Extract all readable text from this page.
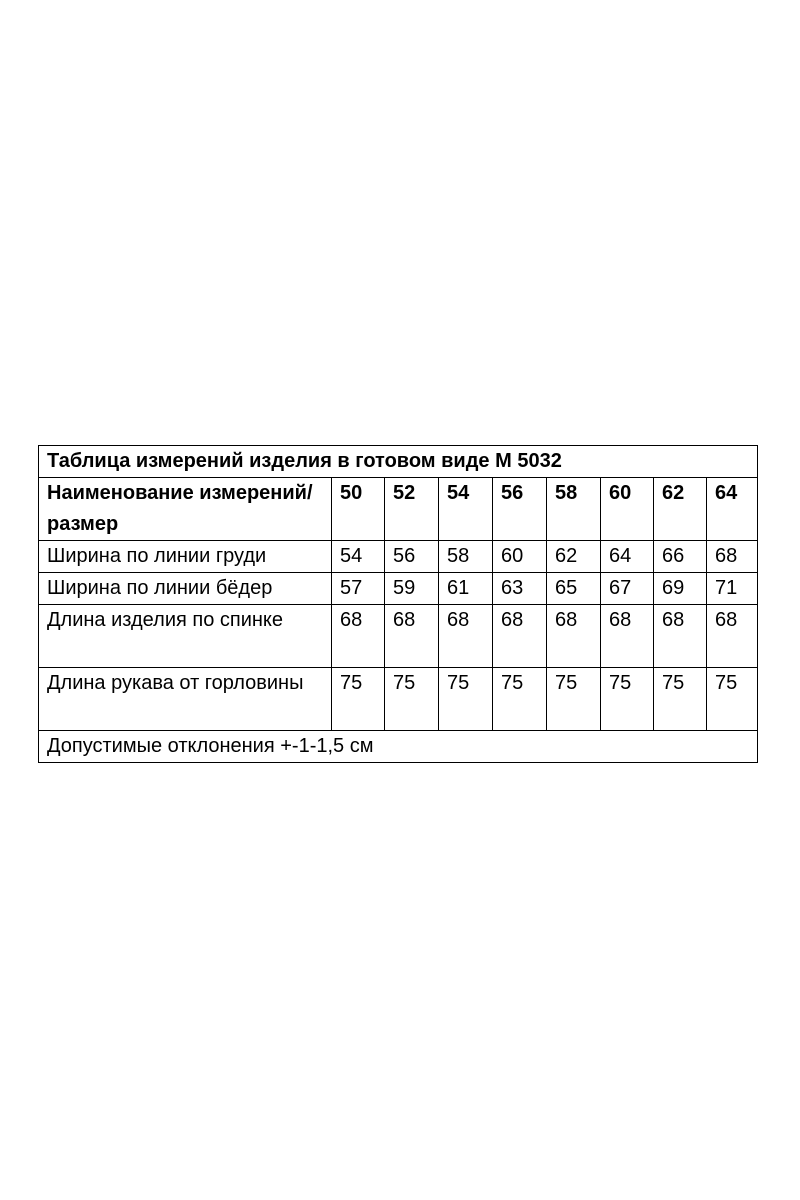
Таблица измерений изделия в готовом виде М 5032								
Наименование измерений/размер	50	52	54	56	58	60	62	64
Ширина по линии груди	54	56	58	60	62	64	66	68
Ширина по линии бёдер	57	59	61	63	65	67	69	71
Длина изделия по спинке	68	68	68	68	68	68	68	68
Длина рукава от горловины	75	75	75	75	75	75	75	75
Допустимые отклонения +-1-1,5 см								
